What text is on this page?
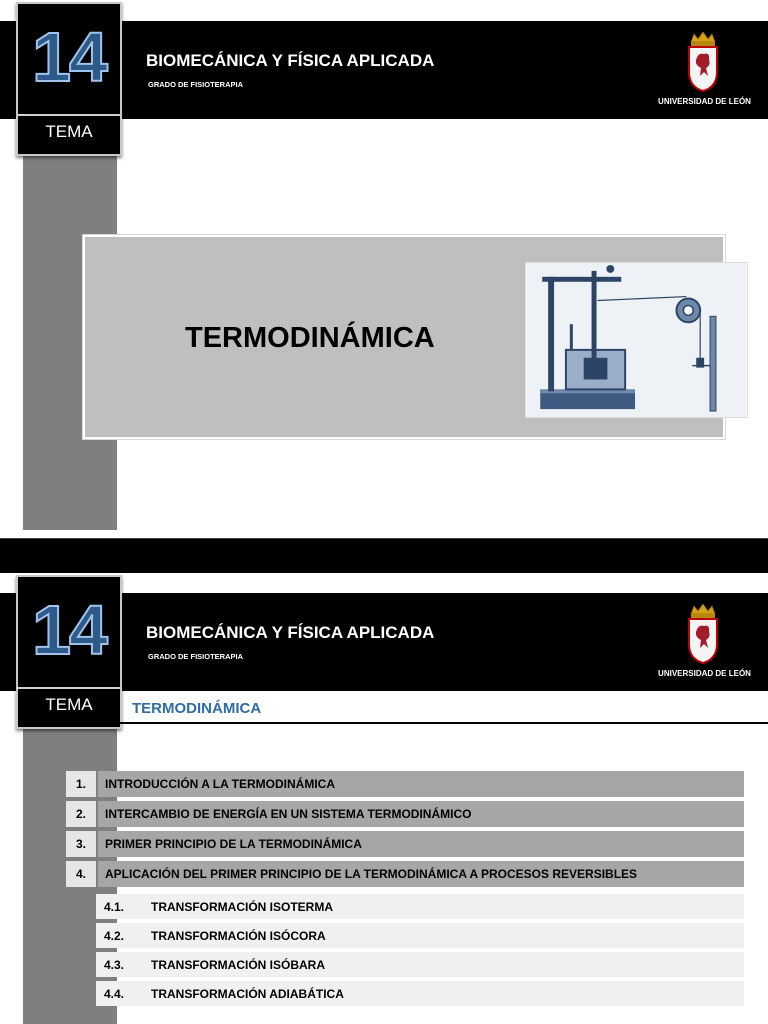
14
TEMA
BIOMECÁNICA Y FÍSICA APLICADA
GRADO DE FISIOTERAPIA
UNIVERSIDAD DE LEÓN
TERMODINÁMICA
14
TEMA
BIOMECÁNICA Y FÍSICA APLICADA
GRADO DE FISIOTERAPIA
UNIVERSIDAD DE LEÓN
TERMODINÁMICA
1.	INTRODUCCIÓN A LA TERMODINÁMICA
2.	INTERCAMBIO DE ENERGÍA EN UN SISTEMA TERMODINÁMICO
3.	PRIMER PRINCIPIO DE LA TERMODINÁMICA
4.	APLICACIÓN DEL PRIMER PRINCIPIO DE LA TERMODINÁMICA A PROCESOS REVERSIBLES
4.1.	TRANSFORMACIÓN ISOTERMA
4.2.	TRANSFORMACIÓN ISÓCORA
4.3.	TRANSFORMACIÓN ISÓBARA
4.4.	TRANSFORMACIÓN ADIABÁTICA
